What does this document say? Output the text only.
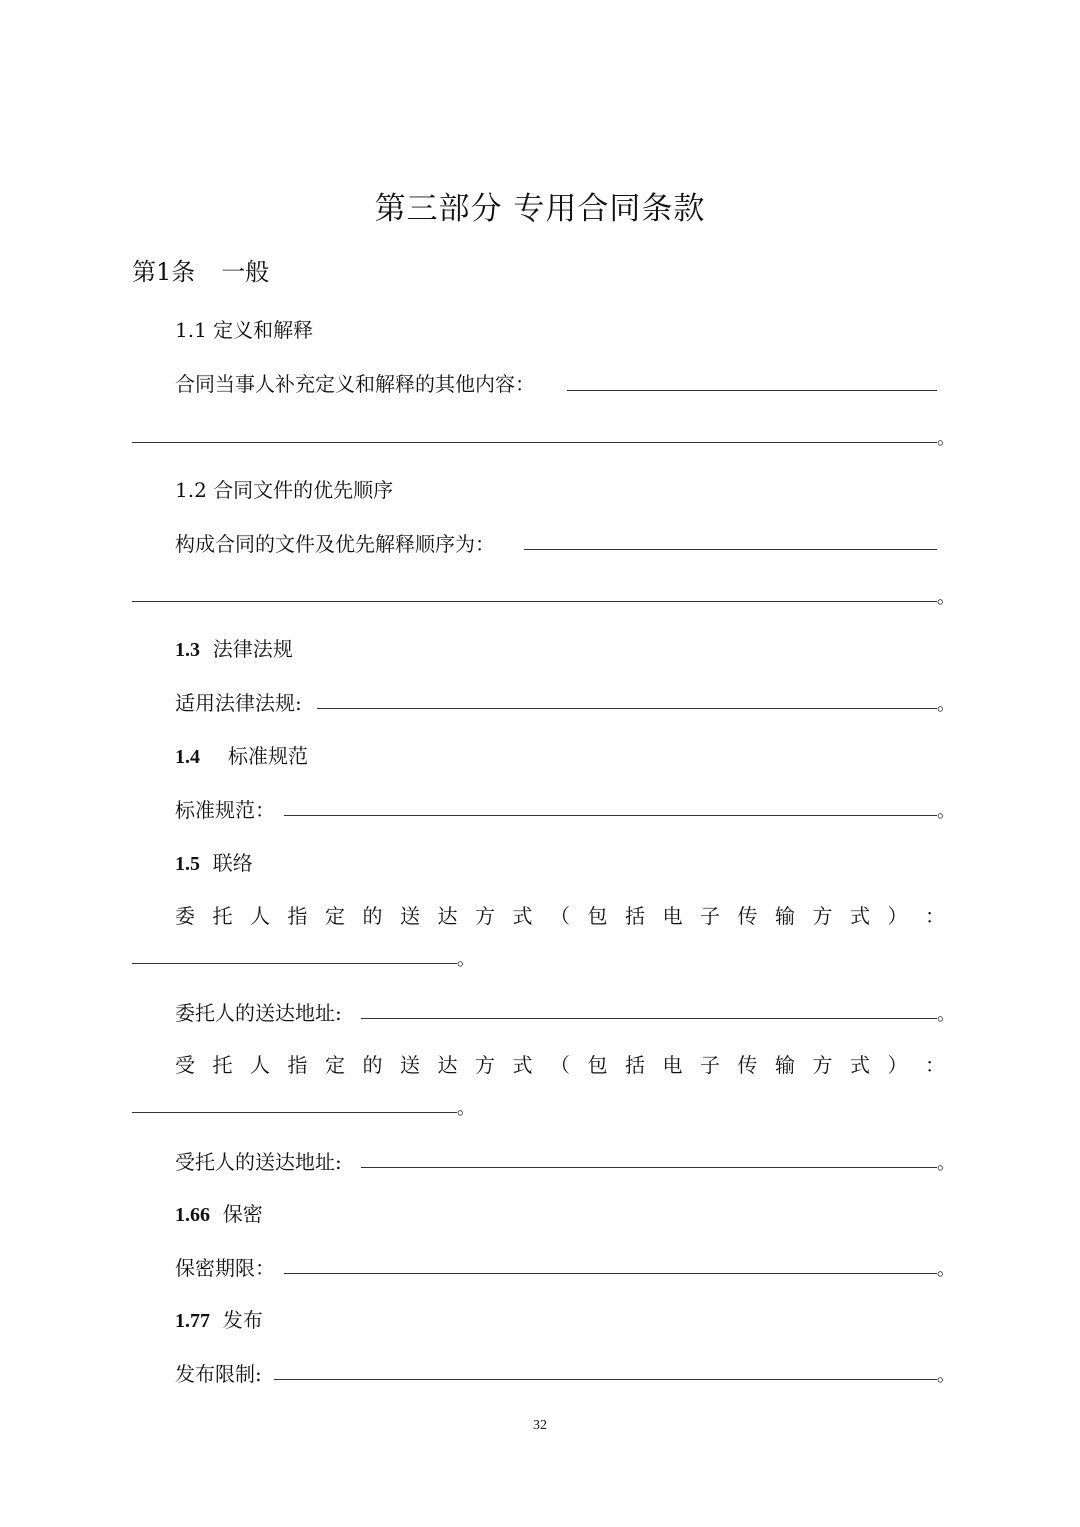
第三部分 专用合同条款
第1条 一般
1.1 定义和解释
合同当事人补充定义和解释的其他内容：
。
1.2 合同文件的优先顺序
构成合同的文件及优先解释顺序为：
。
1.3 法律法规
适用法律法规:	。
1.4 标准规范
标准规范：	。
1.5 联络
委 托 人 指 定 的 送 达 方 式 （ 包 括 电 子 传 输 方 式 ） ：
。
委托人的送达地址:	。
受 托 人 指 定 的 送 达 方 式 （ 包 括 电 子 传 输 方 式 ） ：
。
受托人的送达地址:	。
1.66 保密
保密期限：	。
1.77 发布
发布限制:	。
32
